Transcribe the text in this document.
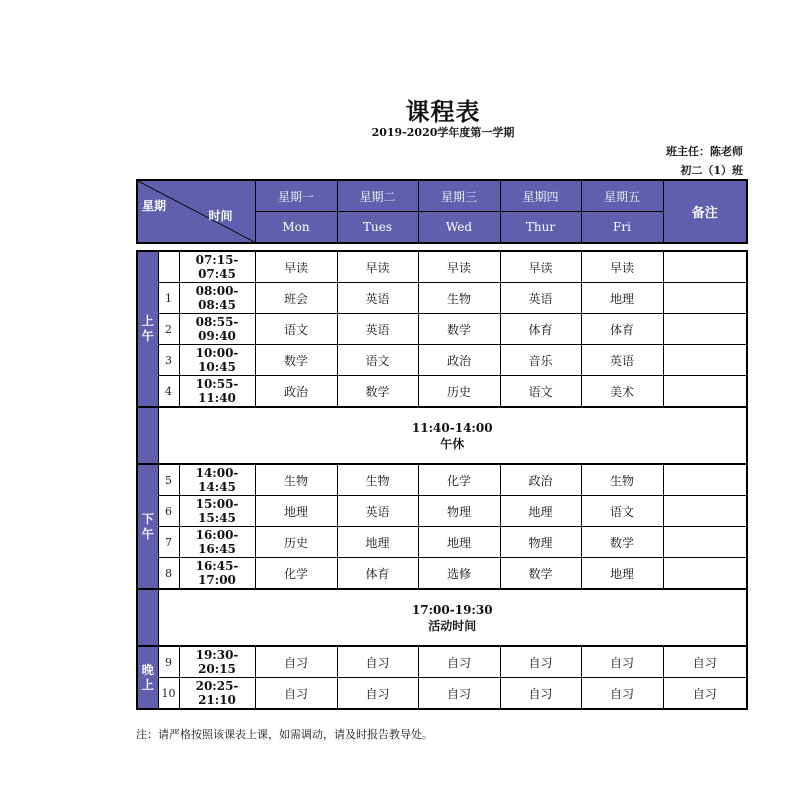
课程表
2019-2020学年度第一学期
班主任：陈老师
初二（1）班
星期
时间	星期一	星期二	星期三	星期四	星期五	备注
	Mon	Tues	Wed	Thur	Fri	
上午		07:15-07:45	早读	早读	早读	早读	早读	
	1	08:00-08:45	班会	英语	生物	英语	地理	
	2	08:55-09:40	语文	英语	数学	体育	体育	
	3	10:00-10:45	数学	语文	政治	音乐	英语	
	4	10:55-11:40	政治	数学	历史	语文	美术	

	11:40-14:00
午休							

下午	5	14:00-14:45	生物	生物	化学	政治	生物	
	6	15:00-15:45	地理	英语	物理	地理	语文	
	7	16:00-16:45	历史	地理	地理	物理	数学	
	8	16:45-17:00	化学	体育	选修	数学	地理	

	17:00-19:30
活动时间							

晚上	9	19:30-20:15	自习	自习	自习	自习	自习	自习
	10	20:25-21:10	自习	自习	自习	自习	自习	自习
注：请严格按照该课表上课，如需调动，请及时报告教导处。
